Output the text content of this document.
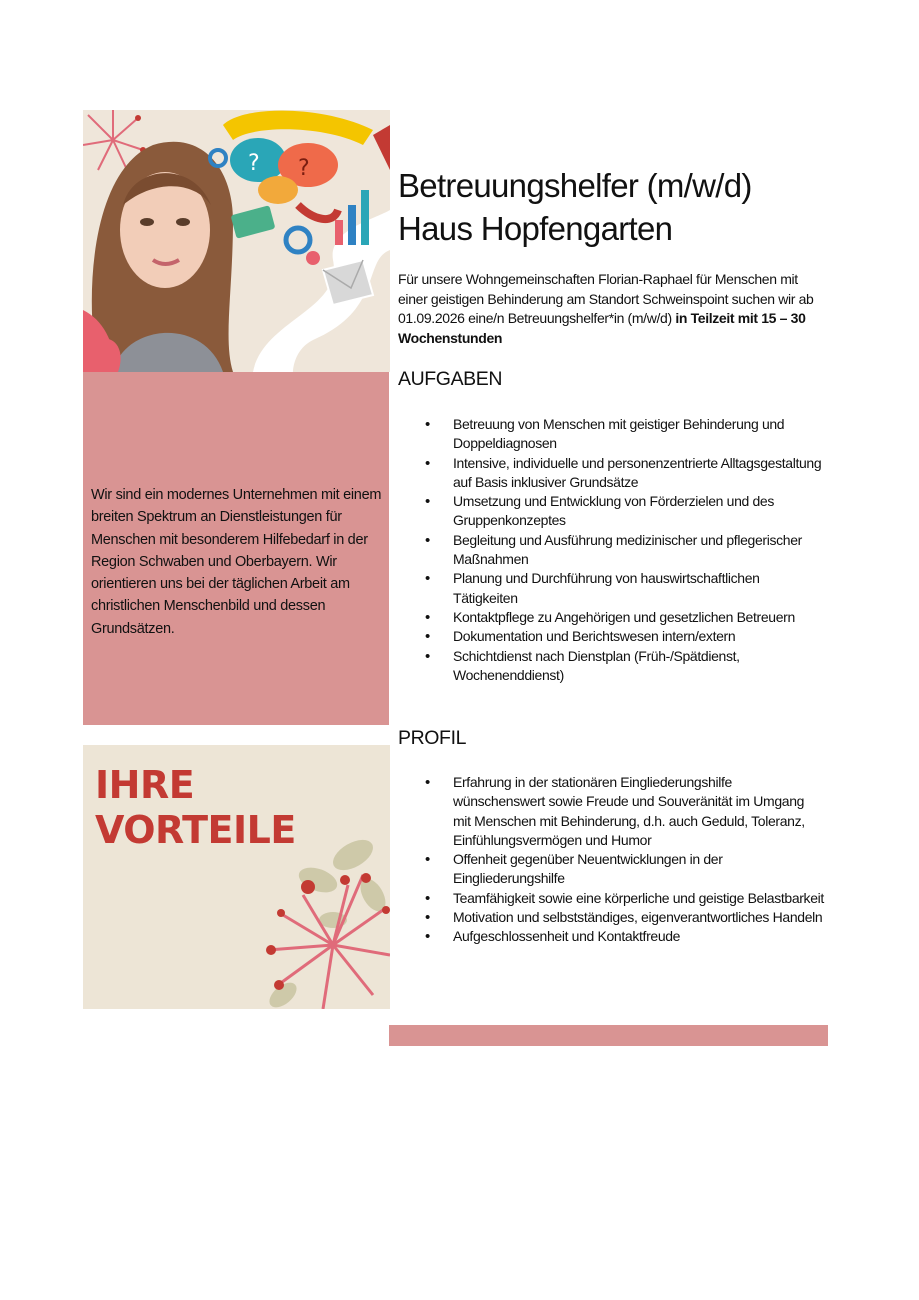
? ?
Wir sind ein modernes Unternehmen mit einem breiten Spektrum an Dienstleistungen für Menschen mit besonderem Hilfebedarf in der Region Schwaben und Oberbayern. Wir orientieren uns bei der täglichen Arbeit am christlichen Menschenbild und dessen Grundsätzen.
IHRE
VORTEILE
Betreuungshelfer (m/w/d)
Haus Hopfengarten
Für unsere Wohngemeinschaften Florian-Raphael für Menschen mit einer geistigen Behinderung am Standort Schweinspoint suchen wir ab 01.09.2026 eine/n Betreuungshelfer*in (m/w/d) in Teilzeit mit 15 – 30 Wochenstunden
AUFGABEN
• Betreuung von Menschen mit geistiger Behinderung und Doppeldiagnosen
• Intensive, individuelle und personenzentrierte Alltagsgestaltung auf Basis inklusiver Grundsätze
• Umsetzung und Entwicklung von Förderzielen und des Gruppenkonzeptes
• Begleitung und Ausführung medizinischer und pflegerischer Maßnahmen
• Planung und Durchführung von hauswirtschaftlichen Tätigkeiten
• Kontaktpflege zu Angehörigen und gesetzlichen Betreuern
• Dokumentation und Berichtswesen intern/extern
• Schichtdienst nach Dienstplan (Früh-/Spätdienst, Wochenenddienst)
PROFIL
• Erfahrung in der stationären Eingliederungshilfe wünschenswert sowie Freude und Souveränität im Umgang mit Menschen mit Behinderung, d.h. auch Geduld, Toleranz, Einfühlungsvermögen und Humor
• Offenheit gegenüber Neuentwicklungen in der Eingliederungshilfe
• Teamfähigkeit sowie eine körperliche und geistige Belastbarkeit
• Motivation und selbstständiges, eigenverantwortliches Handeln
• Aufgeschlossenheit und Kontaktfreude
